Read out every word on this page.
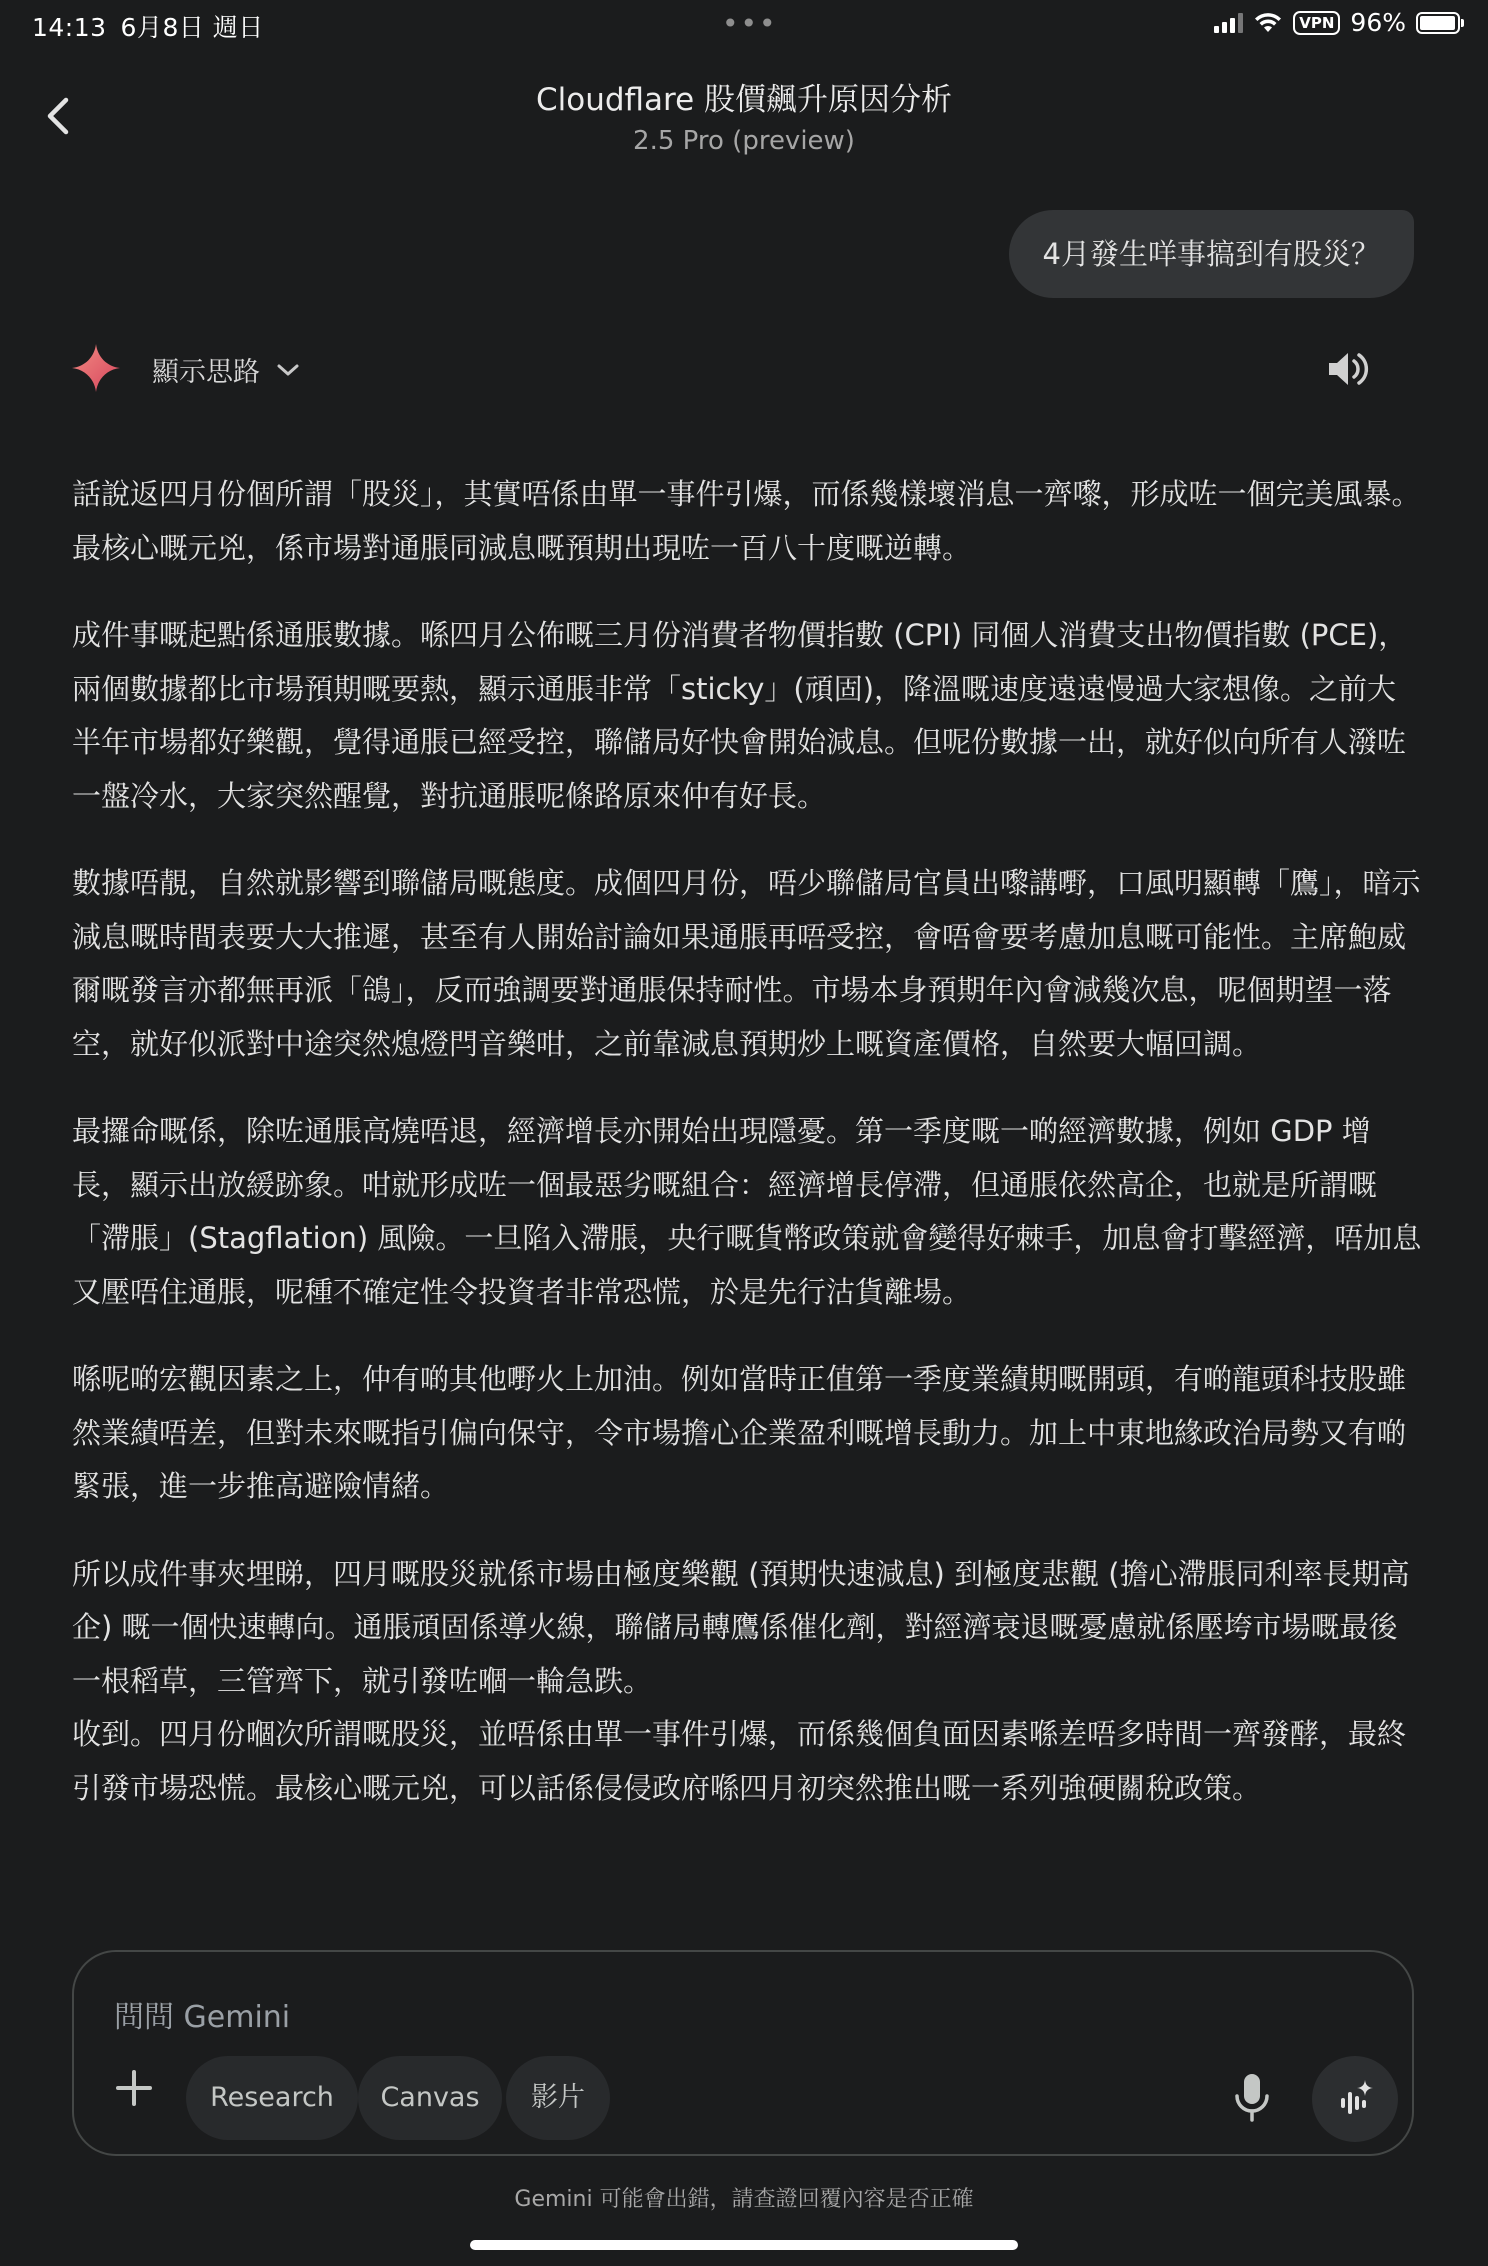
14:13 6月8日 週日	•••	VPN 96%
Cloudflare 股價飆升原因分析
2.5 Pro (preview)
4月發生咩事搞到有股災？
顯示思路

話說返四月份個所謂「股災」，其實唔係由單一事件引爆，而係幾樣壞消息一齊嚟，形成咗一個完美風暴。最核心嘅元兇，係市場對通脹同減息嘅預期出現咗一百八十度嘅逆轉。

成件事嘅起點係通脹數據。喺四月公佈嘅三月份消費者物價指數 (CPI) 同個人消費支出物價指數 (PCE)，兩個數據都比市場預期嘅要熱，顯示通脹非常「sticky」(頑固)，降溫嘅速度遠遠慢過大家想像。之前大半年市場都好樂觀，覺得通脹已經受控，聯儲局好快會開始減息。但呢份數據一出，就好似向所有人潑咗一盤冷水，大家突然醒覺，對抗通脹呢條路原來仲有好長。

數據唔靚，自然就影響到聯儲局嘅態度。成個四月份，唔少聯儲局官員出嚟講嘢，口風明顯轉「鷹」，暗示減息嘅時間表要大大推遲，甚至有人開始討論如果通脹再唔受控，會唔會要考慮加息嘅可能性。主席鮑威爾嘅發言亦都無再派「鴿」，反而強調要對通脹保持耐性。市場本身預期年內會減幾次息，呢個期望一落空，就好似派對中途突然熄燈閂音樂咁，之前靠減息預期炒上嘅資產價格，自然要大幅回調。

最攞命嘅係，除咗通脹高燒唔退，經濟增長亦開始出現隱憂。第一季度嘅一啲經濟數據，例如 GDP 增長，顯示出放緩跡象。咁就形成咗一個最惡劣嘅組合：經濟增長停滯，但通脹依然高企，也就是所謂嘅「滯脹」(Stagflation) 風險。一旦陷入滯脹，央行嘅貨幣政策就會變得好棘手，加息會打擊經濟，唔加息又壓唔住通脹，呢種不確定性令投資者非常恐慌，於是先行沽貨離場。

喺呢啲宏觀因素之上，仲有啲其他嘢火上加油。例如當時正值第一季度業績期嘅開頭，有啲龍頭科技股雖然業績唔差，但對未來嘅指引偏向保守，令市場擔心企業盈利嘅增長動力。加上中東地緣政治局勢又有啲緊張，進一步推高避險情緒。

所以成件事夾埋睇，四月嘅股災就係市場由極度樂觀 (預期快速減息) 到極度悲觀 (擔心滯脹同利率長期高企) 嘅一個快速轉向。通脹頑固係導火線，聯儲局轉鷹係催化劑，對經濟衰退嘅憂慮就係壓垮市場嘅最後一根稻草，三管齊下，就引發咗嗰一輪急跌。

收到。四月份嗰次所謂嘅股災，並唔係由單一事件引爆，而係幾個負面因素喺差唔多時間一齊發酵，最終引發市場恐慌。最核心嘅元兇，可以話係侵侵政府喺四月初突然推出嘅一系列強硬關稅政策。

問問 Gemini
Research	Canvas	影片
Gemini 可能會出錯，請查證回覆內容是否正確
